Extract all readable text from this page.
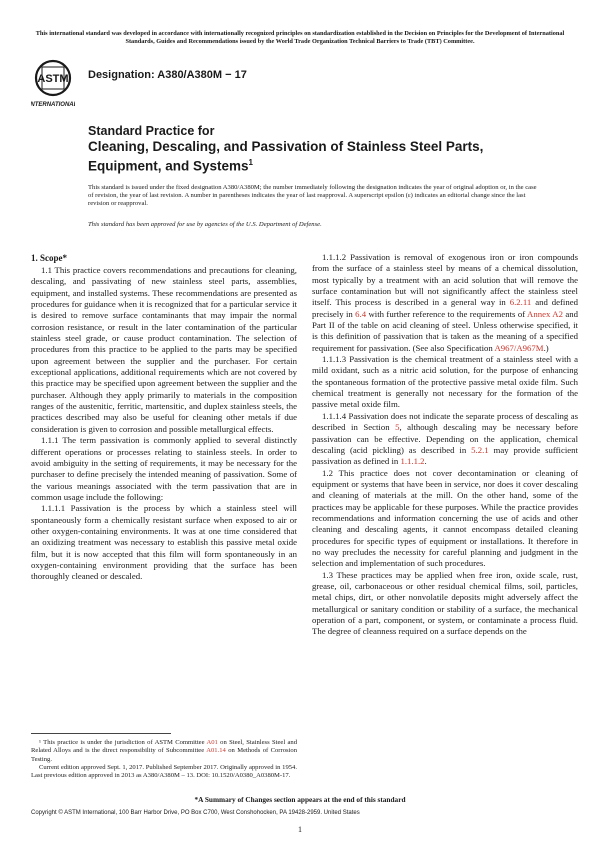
This international standard was developed in accordance with internationally recognized principles on standardization established in the Decision on Principles for the Development of International Standards, Guides and Recommendations issued by the World Trade Organization Technical Barriers to Trade (TBT) Committee.
ASTM
INTERNATIONAL
Designation: A380/A380M − 17
Standard Practice for
Cleaning, Descaling, and Passivation of Stainless Steel Parts, Equipment, and Systems$^1$
This standard is issued under the fixed designation A380/A380M; the number immediately following the designation indicates the year of original adoption or, in the case of revision, the year of last revision. A number in parentheses indicates the year of last reapproval. A superscript epsilon (ε) indicates an editorial change since the last revision or reapproval.
This standard has been approved for use by agencies of the U.S. Department of Defense.
1. Scope*

1.1 This practice covers recommendations and precautions for cleaning, descaling, and passivating of new stainless steel parts, assemblies, equipment, and installed systems. These recommendations are presented as procedures for guidance when it is recognized that for a particular service it is desired to remove surface contaminants that may impair the normal corrosion resistance, or result in the later contamination of the particular stainless steel grade, or cause product contamination. The selection of procedures from this practice to be applied to the parts may be specified upon agreement between the supplier and the purchaser. For certain exceptional applications, additional requirements which are not covered by this practice may be specified upon agreement between the supplier and the purchaser. Although they apply primarily to materials in the composition ranges of the austenitic, ferritic, martensitic, and duplex stainless steels, the practices described may also be useful for cleaning other metals if due consideration is given to corrosion and possible metallurgical effects.

1.1.1 The term passivation is commonly applied to several distinctly different operations or processes relating to stainless steels. In order to avoid ambiguity in the setting of requirements, it may be necessary for the purchaser to define precisely the intended meaning of passivation. Some of the various meanings associated with the term passivation that are in common usage include the following:

1.1.1.1 Passivation is the process by which a stainless steel will spontaneously form a chemically resistant surface when exposed to air or other oxygen-containing environments. It was at one time considered that an oxidizing treatment was necessary to establish this passive metal oxide film, but it is now accepted that this film will form spontaneously in an oxygen-containing environment providing that the surface has been thoroughly cleaned or descaled.

1.1.1.2 Passivation is removal of exogenous iron or iron compounds from the surface of a stainless steel by means of a chemical dissolution, most typically by a treatment with an acid solution that will remove the surface contamination but will not significantly affect the stainless steel itself. This process is described in a general way in 6.2.11 and defined precisely in 6.4 with further reference to the requirements of Annex A2 and Part II of the table on acid cleaning of steel. Unless otherwise specified, it is this definition of passivation that is taken as the meaning of a specified requirement for passivation. (See also Specification A967/A967M.)

1.1.1.3 Passivation is the chemical treatment of a stainless steel with a mild oxidant, such as a nitric acid solution, for the purpose of enhancing the spontaneous formation of the protective passive metal oxide film. Such chemical treatment is generally not necessary for the formation of the passive metal oxide film.

1.1.1.4 Passivation does not indicate the separate process of descaling as described in Section 5, although descaling may be necessary before passivation can be effective. Depending on the application, chemical descaling (acid pickling) as described in 5.2.1 may provide sufficient passivation as defined in 1.1.1.2.

1.2 This practice does not cover decontamination or cleaning of equipment or systems that have been in service, nor does it cover descaling and cleaning of materials at the mill. On the other hand, some of the practices may be applicable for these purposes. While the practice provides recommendations and information concerning the use of acids and other cleaning and descaling agents, it cannot encompass detailed cleaning procedures for specific types of equipment or installations. It therefore in no way precludes the necessity for careful planning and judgment in the selection and implementation of such procedures.

1.3 These practices may be applied when free iron, oxide scale, rust, grease, oil, carbonaceous or other residual chemical films, soil, particles, metal chips, dirt, or other nonvolatile deposits might adversely affect the metallurgical or sanitary condition or stability of a surface, the mechanical operation of a part, component, or system, or contaminate a process fluid. The degree of cleanness required on a surface depends on the

¹ This practice is under the jurisdiction of ASTM Committee A01 on Steel, Stainless Steel and Related Alloys and is the direct responsibility of Subcommittee A01.14 on Methods of Corrosion Testing.

Current edition approved Sept. 1, 2017. Published September 2017. Originally approved in 1954. Last previous edition approved in 2013 as A380/A380M – 13. DOI: 10.1520/A0380_A0380M-17.

*A Summary of Changes section appears at the end of this standard
Copyright © ASTM International, 100 Barr Harbor Drive, PO Box C700, West Conshohocken, PA 19428-2959. United States
1
